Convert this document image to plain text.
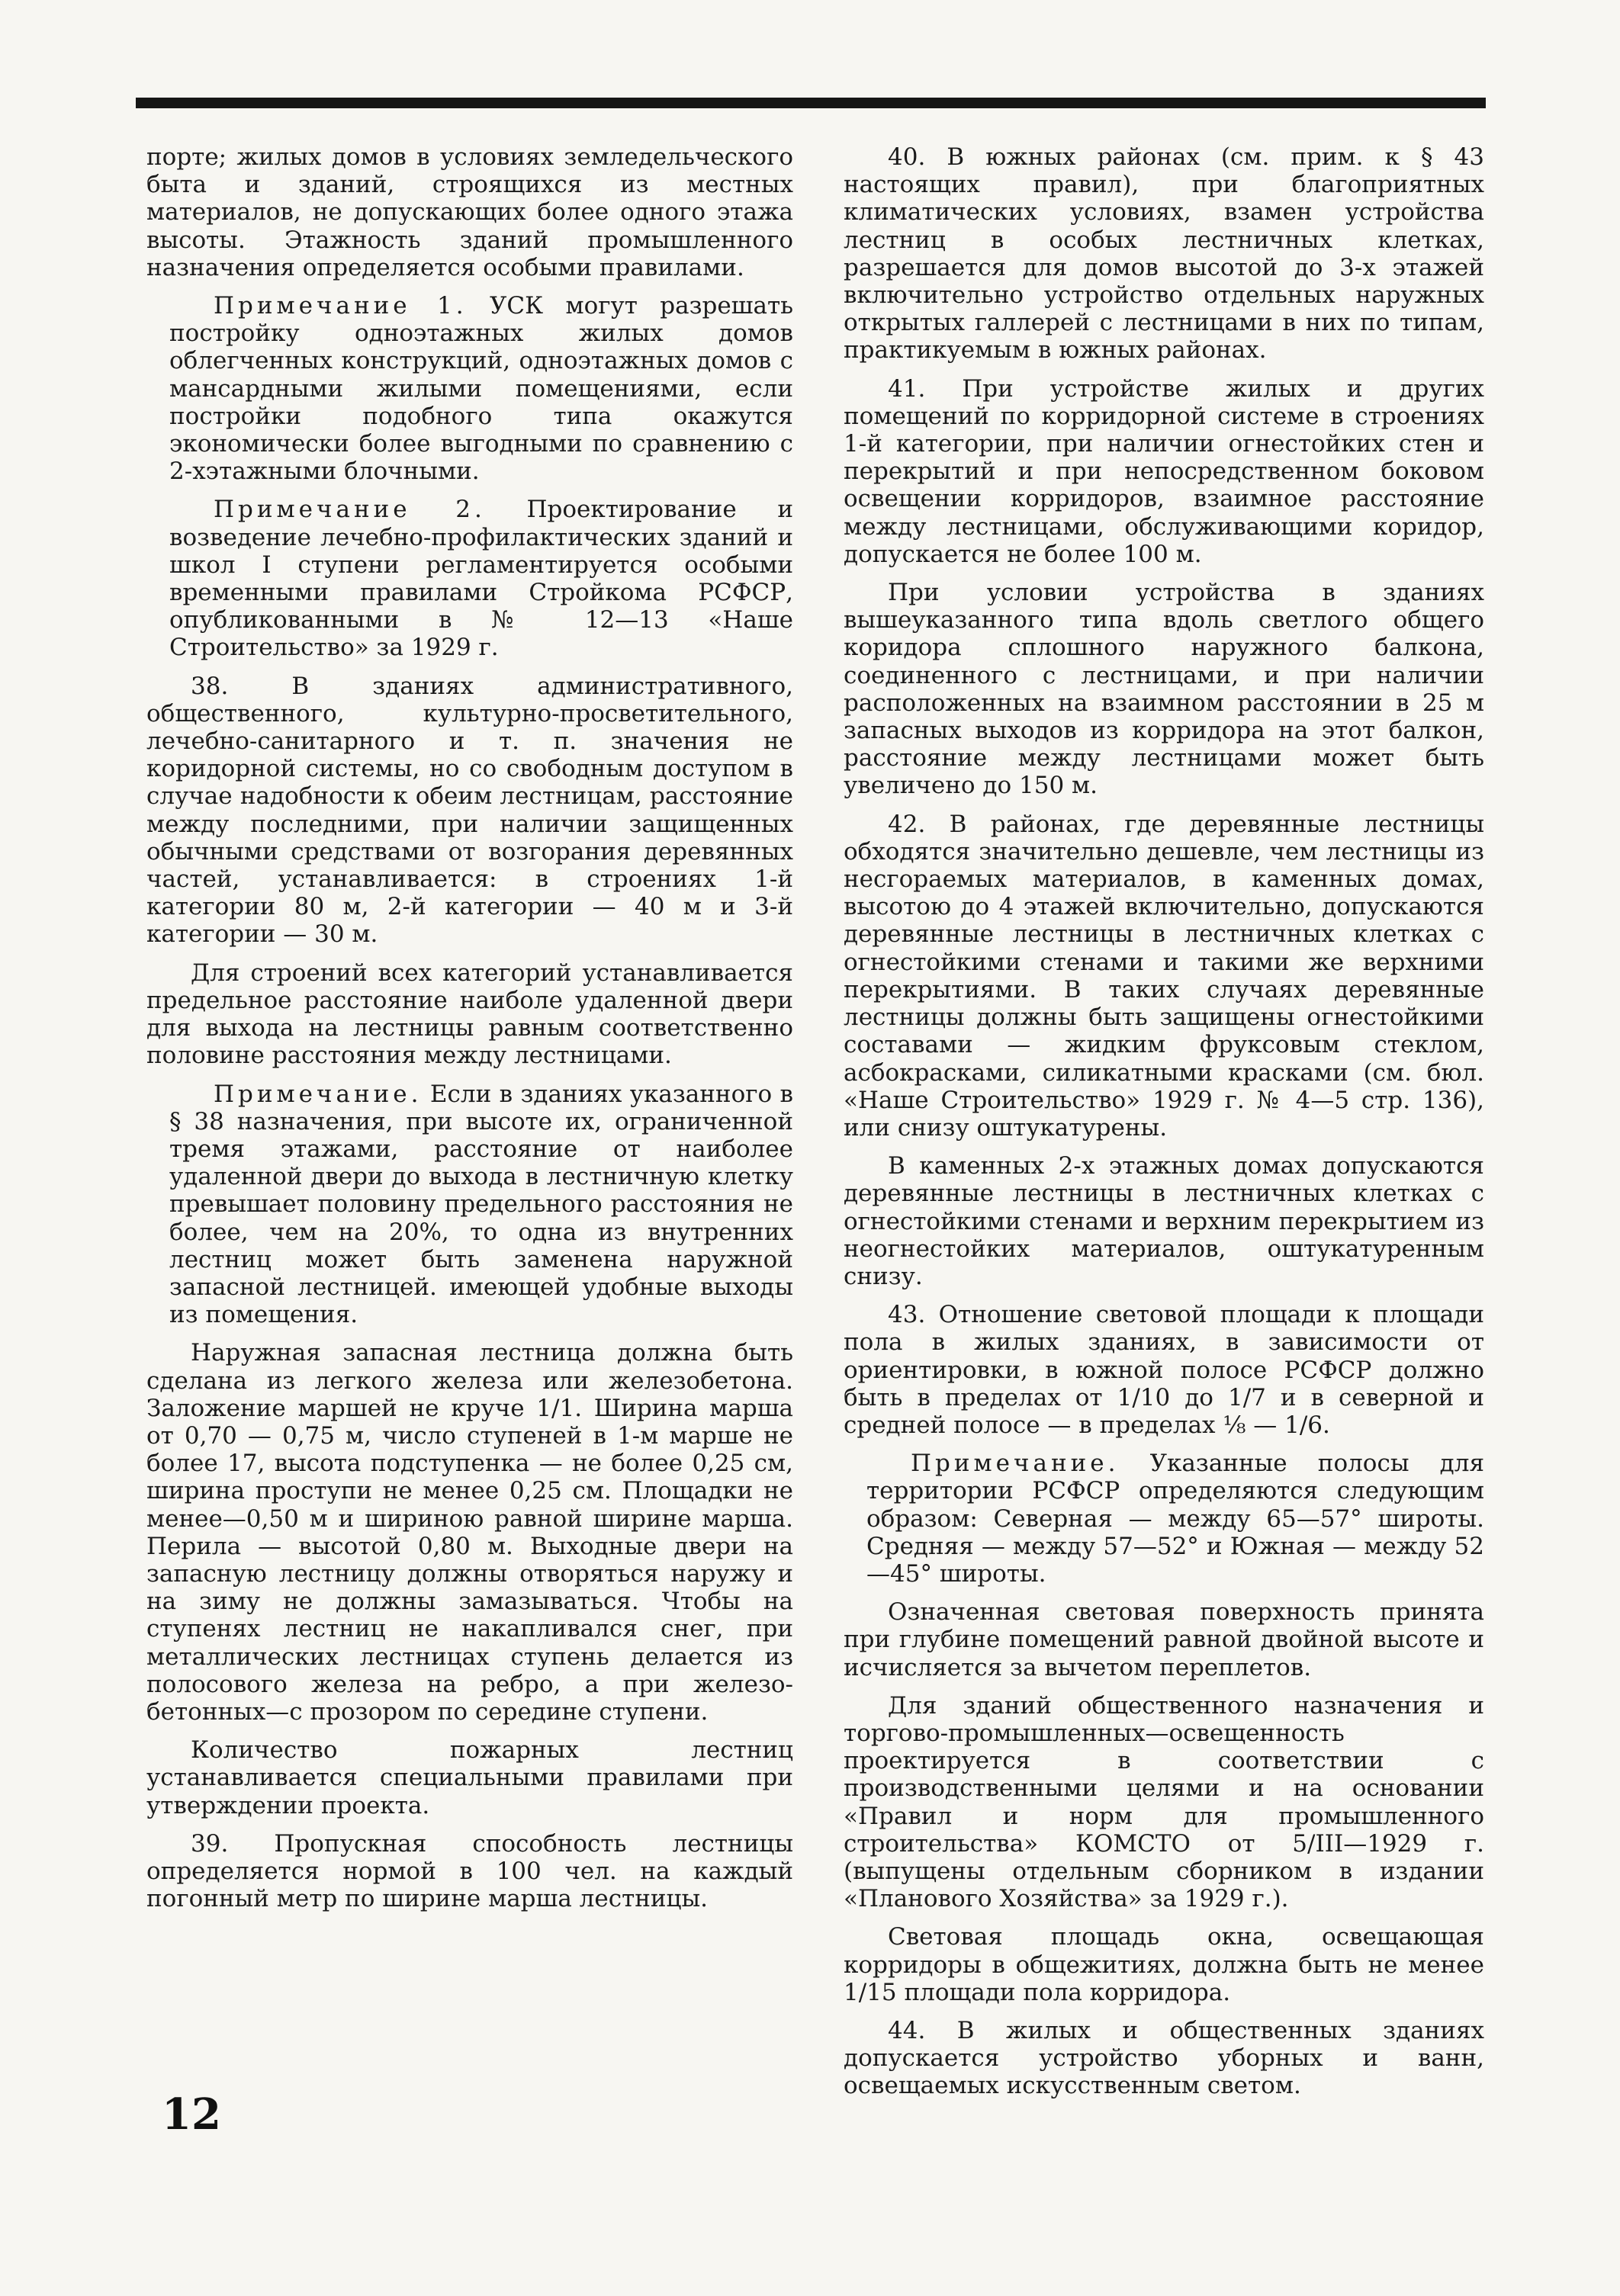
порте; жилых домов в условиях земледельческого быта и зданий, строящихся из местных материалов, не допускающих более одного этажа высоты. Этажность зданий промышленного назначения определяется особыми правилами.

Примечание 1. УСК могут разрешать постройку одноэтажных жилых домов облегченных конструкций, одноэтажных домов с мансардными жилыми помещениями, если постройки подобного типа окажутся экономически более выгодными по сравнению с 2-хэтажными блочными.

Примечание 2. Проектирование и возведение лечебно-профилактических зданий и школ I ступени регламентируется особыми временными правилами Стройкома РСФСР, опубликованными в № 12—13 «Наше Строительство» за 1929 г.

38. В зданиях административного, общественного, культурно-просветительного, лечебно-санитарного и т. п. значения не коридорной системы, но со свободным доступом в случае надобности к обеим лестницам, расстояние между последними, при наличии защищенных обычными средствами от возгорания деревянных частей, устанавливается: в строениях 1-й категории 80 м, 2-й категории — 40 м и 3-й категории — 30 м.

Для строений всех категорий устанавливается предельное расстояние наиболе удаленной двери для выхода на лестницы равным соответственно половине расстояния между лестницами.

Примечание. Если в зданиях указанного в § 38 назначения, при высоте их, ограниченной тремя этажами, расстояние от наиболее удаленной двери до выхода в лестничную клетку превышает половину предельного расстояния не более, чем на 20%, то одна из внутренних лестниц может быть заменена наружной запасной лестницей. имеющей удобные выходы из помещения.

Наружная запасная лестница должна быть сделана из легкого железа или железобетона. Заложение маршей не круче 1/1. Ширина марша от 0,70 — 0,75 м, число ступеней в 1-м марше не более 17, высота подступенка — не более 0,25 см, ширина проступи не менее 0,25 см. Площадки не менее—0,50 м и шириною равной ширине марша. Перила — высотой 0,80 м. Выходные двери на запасную лестницу должны отворяться наружу и на зиму не должны замазываться. Чтобы на ступенях лестниц не накапливался снег, при металлических лестницах ступень делается из полосового железа на ребро, а при железо-бетонных—с прозором по середине ступени.

Количество пожарных лестниц устанавливается специальными правилами при утверждении проекта.

39. Пропускная способность лестницы определяется нормой в 100 чел. на каждый погонный метр по ширине марша лестницы.

40. В южных районах (см. прим. к § 43 настоящих правил), при благоприятных климатических условиях, взамен устройства лестниц в особых лестничных клетках, разрешается для домов высотой до 3-х этажей включительно устройство отдельных наружных открытых галлерей с лестницами в них по типам, практикуемым в южных районах.

41. При устройстве жилых и других помещений по корридорной системе в строениях 1-й категории, при наличии огнестойких стен и перекрытий и при непосредственном боковом освещении корридоров, взаимное расстояние между лестницами, обслуживающими коридор, допускается не более 100 м.

При условии устройства в зданиях вышеуказанного типа вдоль светлого общего коридора сплошного наружного балкона, соединенного с лестницами, и при наличии расположенных на взаимном расстоянии в 25 м запасных выходов из корридора на этот балкон, расстояние между лестницами может быть увеличено до 150 м.

42. В районах, где деревянные лестницы обходятся значительно дешевле, чем лестницы из несгораемых материалов, в каменных домах, высотою до 4 этажей включительно, допускаются деревянные лестницы в лестничных клетках с огнестойкими стенами и такими же верхними перекрытиями. В таких случаях деревянные лестницы должны быть защищены огнестойкими составами — жидким фруксовым стеклом, асбокрасками, силикатными красками (см. бюл. «Наше Строительство» 1929 г. № 4—5 стр. 136), или снизу оштукатурены.

В каменных 2-х этажных домах допускаются деревянные лестницы в лестничных клетках с огнестойкими стенами и верхним перекрытием из неогнестойких материалов, оштукатуренным снизу.

43. Отношение световой площади к площади пола в жилых зданиях, в зависимости от ориентировки, в южной полосе РСФСР должно быть в пределах от 1/10 до 1/7 и в северной и средней полосе — в пределах ⅛ — 1/6.

Примечание. Указанные полосы для территории РСФСР определяются следующим образом: Северная — между 65—57° широты. Средняя — между 57—52° и Южная — между 52—45° широты.

Означенная световая поверхность принята при глубине помещений равной двойной высоте и исчисляется за вычетом переплетов.

Для зданий общественного назначения и торгово-промышленных—освещенность проектируется в соответствии с производственными целями и на основании «Правил и норм для промышленного строительства» КОМСТО от 5/III—1929 г. (выпущены отдельным сборником в издании «Планового Хозяйства» за 1929 г.).

Световая площадь окна, освещающая корридоры в общежитиях, должна быть не менее 1/15 площади пола корридора.

44. В жилых и общественных зданиях допускается устройство уборных и ванн, освещаемых искусственным светом.

12
